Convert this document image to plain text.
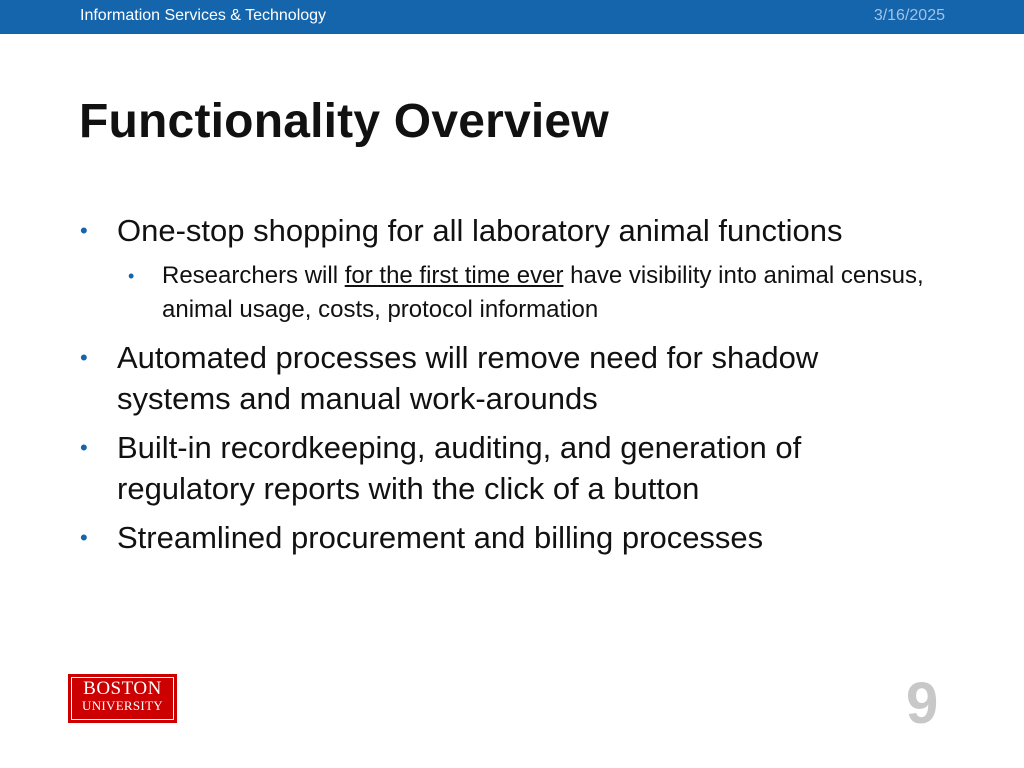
Information Services & Technology	3/16/2025
Functionality Overview
• One-stop shopping for all laboratory animal functions
• Researchers will for the first time ever have visibility into animal census, animal usage, costs, protocol information
• Automated processes will remove need for shadow
systems and manual work-arounds
• Built-in recordkeeping, auditing, and generation of
regulatory reports with the click of a button
• Streamlined procurement and billing processes
BOSTON
UNIVERSITY	9
